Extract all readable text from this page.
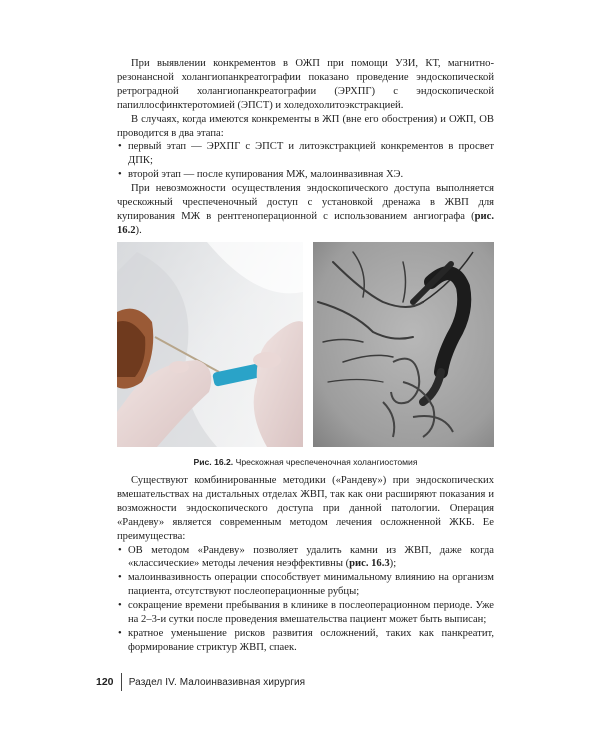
При выявлении конкрементов в ОЖП при помощи УЗИ, КТ, магнитно-резонансной холангиопанкреатографии показано проведение эндоскопической ретроградной холангиопанкреатографии (ЭРХПГ) с эндоскопической папиллосфинктеротомией (ЭПСТ) и холедохолитоэкстракцией.

В случаях, когда имеются конкременты в ЖП (вне его обострения) и ОЖП, ОВ проводится в два этапа:

• первый этап — ЭРХПГ с ЭПСТ и литоэкстракцией конкрементов в просвет ДПК;
• второй этап — после купирования МЖ, малоинвазивная ХЭ.

При невозможности осуществления эндоскопического доступа выполняется чрескожный чреспеченочный доступ с установкой дренажа в ЖВП для купирования МЖ в рентгеноперационной с использованием ангиографа (рис. 16.2).

Рис. 16.2. Чрескожная чреспеченочная холангиостомия

Существуют комбинированные методики («Рандеву») при эндоскопических вмешательствах на дистальных отделах ЖВП, так как они расширяют показания и возможности эндоскопического доступа при данной патологии. Операция «Рандеву» является современным методом лечения осложненной ЖКБ. Ее преимущества:

• ОВ методом «Рандеву» позволяет удалить камни из ЖВП, даже когда «классические» методы лечения неэффективны (рис. 16.3);
• малоинвазивность операции способствует минимальному влиянию на организм пациента, отсутствуют послеоперационные рубцы;
• сокращение времени пребывания в клинике в послеоперационном периоде. Уже на 2–3-и сутки после проведения вмешательства пациент может быть выписан;
• кратное уменьшение рисков развития осложнений, таких как панкреатит, формирование стриктур ЖВП, спаек.
120	Раздел IV. Малоинвазивная хирургия
